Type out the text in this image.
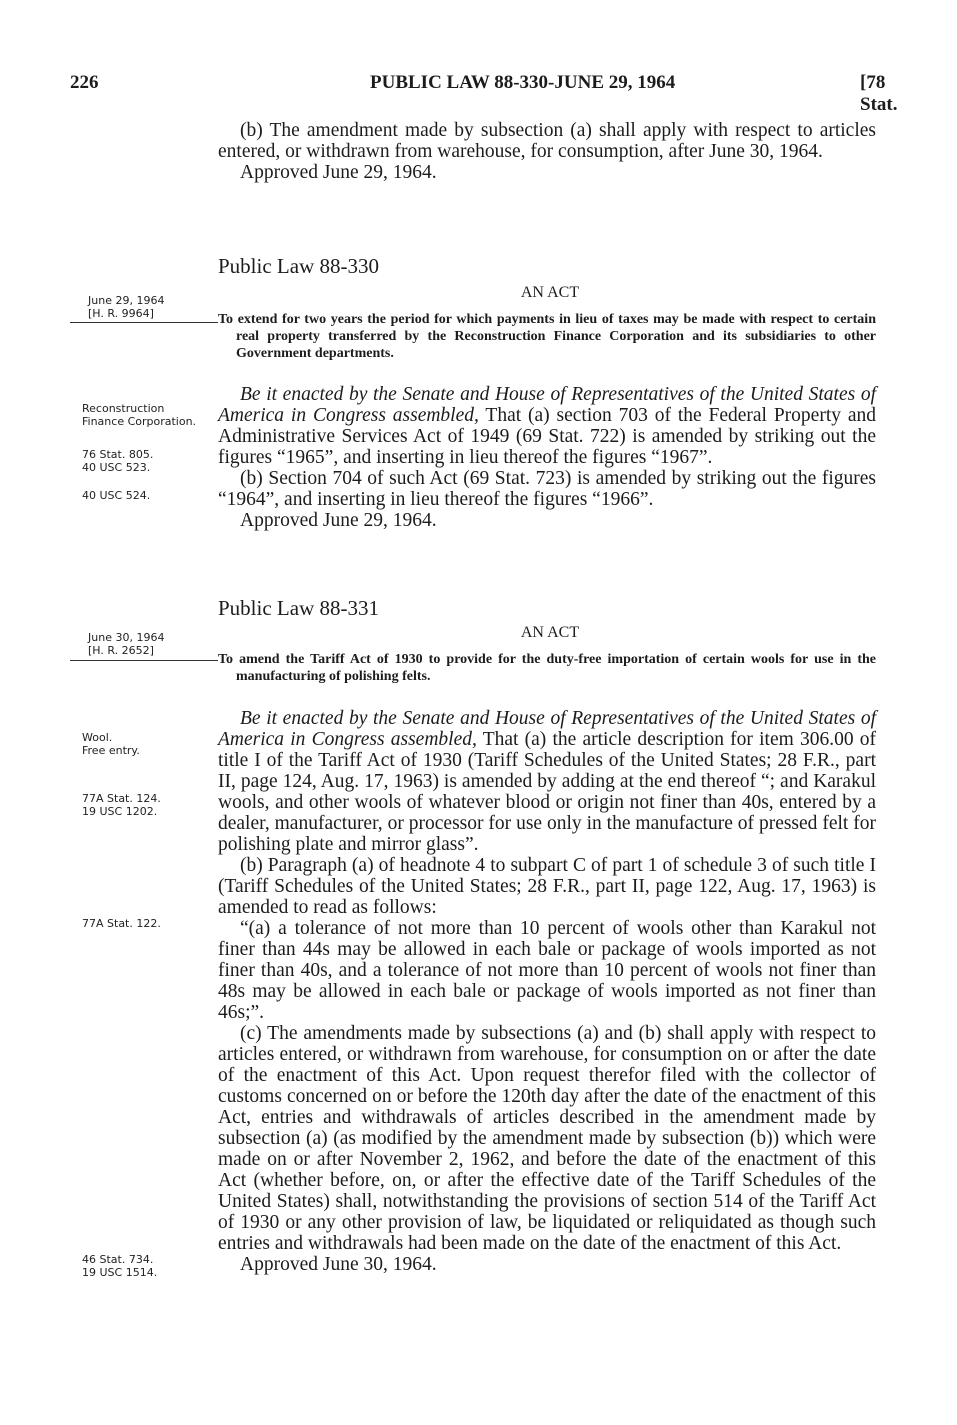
226	PUBLIC LAW 88-330-JUNE 29, 1964	[78 Stat.

(b) The amendment made by subsection (a) shall apply with respect to articles entered, or withdrawn from warehouse, for consumption, after June 30, 1964.

Approved June 29, 1964.

Public Law 88-330
AN ACT
June 29, 1964
[H. R. 9964]	To extend for two years the period for which payments in lieu of taxes may be made with respect to certain real property transferred by the Reconstruction Finance Corporation and its subsidiaries to other Government departments.

Reconstruction Finance Corporation.
76 Stat. 805.
40 USC 523.
40 USC 524.

Be it enacted by the Senate and House of Representatives of the United States of America in Congress assembled, That (a) section 703 of the Federal Property and Administrative Services Act of 1949 (69 Stat. 722) is amended by striking out the figures “1965”, and inserting in lieu thereof the figures “1967”.

(b) Section 704 of such Act (69 Stat. 723) is amended by striking out the figures “1964”, and inserting in lieu thereof the figures “1966”.

Approved June 29, 1964.

Public Law 88-331
AN ACT
June 30, 1964
[H. R. 2652]

To amend the Tariff Act of 1930 to provide for the duty-free importation of certain wools for use in the manufacturing of polishing felts.

Wool.
Free entry.
77A Stat. 124.
19 USC 1202.
77A Stat. 122.
46 Stat. 734.
19 USC 1514.

Be it enacted by the Senate and House of Representatives of the United States of America in Congress assembled, That (a) the article description for item 306.00 of title I of the Tariff Act of 1930 (Tariff Schedules of the United States; 28 F.R., part II, page 124, Aug. 17, 1963) is amended by adding at the end thereof “; and Karakul wools, and other wools of whatever blood or origin not finer than 40s, entered by a dealer, manufacturer, or processor for use only in the manufacture of pressed felt for polishing plate and mirror glass”.

(b) Paragraph (a) of headnote 4 to subpart C of part 1 of schedule 3 of such title I (Tariff Schedules of the United States; 28 F.R., part II, page 122, Aug. 17, 1963) is amended to read as follows:

“(a) a tolerance of not more than 10 percent of wools other than Karakul not finer than 44s may be allowed in each bale or package of wools imported as not finer than 40s, and a tolerance of not more than 10 percent of wools not finer than 48s may be allowed in each bale or package of wools imported as not finer than 46s;”.

(c) The amendments made by subsections (a) and (b) shall apply with respect to articles entered, or withdrawn from warehouse, for consumption on or after the date of the enactment of this Act. Upon request therefor filed with the collector of customs concerned on or before the 120th day after the date of the enactment of this Act, entries and withdrawals of articles described in the amendment made by subsection (a) (as modified by the amendment made by subsection (b)) which were made on or after November 2, 1962, and before the date of the enactment of this Act (whether before, on, or after the effective date of the Tariff Schedules of the United States) shall, notwithstanding the provisions of section 514 of the Tariff Act of 1930 or any other provision of law, be liquidated or reliquidated as though such entries and withdrawals had been made on the date of the enactment of this Act.

Approved June 30, 1964.
